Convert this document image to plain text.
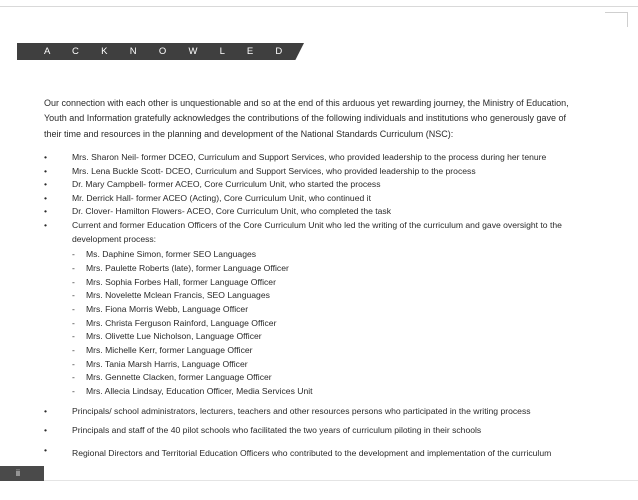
A C K N O W L E D G E M E N T

Our connection with each other is unquestionable and so at the end of this arduous yet rewarding journey, the Ministry of Education, Youth and Information gratefully acknowledges the contributions of the following individuals and institutions who generously gave of their time and resources in the planning and development of the National Standards Curriculum (NSC):

•	Mrs. Sharon Neil- former DCEO, Curriculum and Support Services, who provided leadership to the process during her tenure
•	Mrs. Lena Buckle Scott- DCEO, Curriculum and Support Services, who provided leadership to the process
•	Dr. Mary Campbell- former ACEO, Core Curriculum Unit, who started the process
•	Mr. Derrick Hall- former ACEO (Acting), Core Curriculum Unit, who continued it
•	Dr. Clover- Hamilton Flowers- ACEO, Core Curriculum Unit, who completed the task
•	Current and former Education Officers of the Core Curriculum Unit who led the writing of the curriculum and gave oversight to the development process:
- Ms. Daphine Simon, former SEO Languages
- Mrs. Paulette Roberts (late), former Language Officer
- Mrs. Sophia Forbes Hall, former Language Officer
- Mrs. Novelette Mclean Francis, SEO Languages
- Mrs. Fiona Morris Webb, Language Officer
- Mrs. Christa Ferguson Rainford, Language Officer
- Mrs. Olivette Lue Nicholson, Language Officer
- Mrs. Michelle Kerr, former Language Officer
- Mrs. Tania Marsh Harris, Language Officer
- Mrs. Gennette Clacken, former Language Officer
- Mrs. Allecia Lindsay, Education Officer, Media Services Unit
•	Principals/ school administrators, lecturers, teachers and other resources persons who participated in the writing process
•	Principals and staff of the 40 pilot schools who facilitated the two years of curriculum piloting in their schools
•	Regional Directors and Territorial Education Officers who contributed to the development and implementation of the curriculum
ii
